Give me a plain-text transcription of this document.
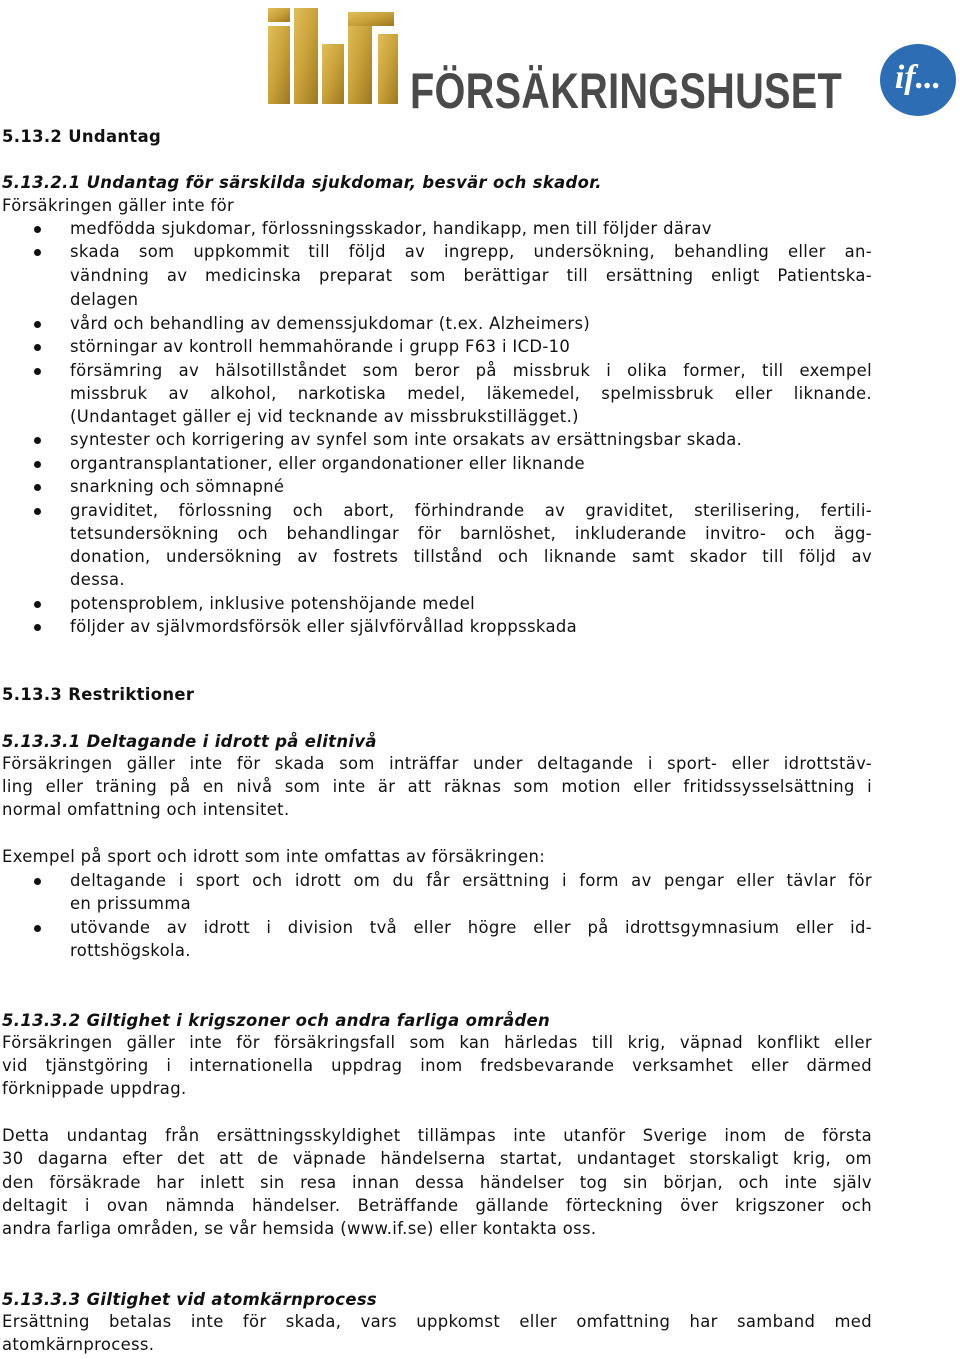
FÖRSÄKRINGSHUSET	if...
5.13.2 Undantag
5.13.2.1 Undantag för särskilda sjukdomar, besvär och skador.
Försäkringen gäller inte för
medfödda sjukdomar, förlossningsskador, handikapp, men till följder därav
skada som uppkommit till följd av ingrepp, undersökning, behandling eller an-
vändning av medicinska preparat som berättigar till ersättning enligt Patientska-
delagen
vård och behandling av demenssjukdomar (t.ex. Alzheimers)
störningar av kontroll hemmahörande i grupp F63 i ICD-10
försämring av hälsotillståndet som beror på missbruk i olika former, till exempel
missbruk av alkohol, narkotiska medel, läkemedel, spelmissbruk eller liknande.
(Undantaget gäller ej vid tecknande av missbrukstillägget.)
syntester och korrigering av synfel som inte orsakats av ersättningsbar skada.
organtransplantationer, eller organdonationer eller liknande
snarkning och sömnapné
graviditet, förlossning och abort, förhindrande av graviditet, sterilisering, fertili-
tetsundersökning och behandlingar för barnlöshet, inkluderande invitro- och ägg-
donation, undersökning av fostrets tillstånd och liknande samt skador till följd av
dessa.
potensproblem, inklusive potenshöjande medel
följder av självmordsförsök eller självförvållad kroppsskada
5.13.3 Restriktioner
5.13.3.1 Deltagande i idrott på elitnivå
Försäkringen gäller inte för skada som inträffar under deltagande i sport- eller idrottstäv-
ling eller träning på en nivå som inte är att räknas som motion eller fritidssysselsättning i
normal omfattning och intensitet.
Exempel på sport och idrott som inte omfattas av försäkringen:
deltagande i sport och idrott om du får ersättning i form av pengar eller tävlar för
en prissumma
utövande av idrott i division två eller högre eller på idrottsgymnasium eller id-
rottshögskola.
5.13.3.2 Giltighet i krigszoner och andra farliga områden
Försäkringen gäller inte för försäkringsfall som kan härledas till krig, väpnad konflikt eller
vid tjänstgöring i internationella uppdrag inom fredsbevarande verksamhet eller därmed
förknippade uppdrag.
Detta undantag från ersättningsskyldighet tillämpas inte utanför Sverige inom de första
30 dagarna efter det att de väpnade händelserna startat, undantaget storskaligt krig, om
den försäkrade har inlett sin resa innan dessa händelser tog sin början, och inte själv
deltagit i ovan nämnda händelser. Beträffande gällande förteckning över krigszoner och
andra farliga områden, se vår hemsida (www.if.se) eller kontakta oss.
5.13.3.3 Giltighet vid atomkärnprocess
Ersättning betalas inte för skada, vars uppkomst eller omfattning har samband med
atomkärnprocess.
